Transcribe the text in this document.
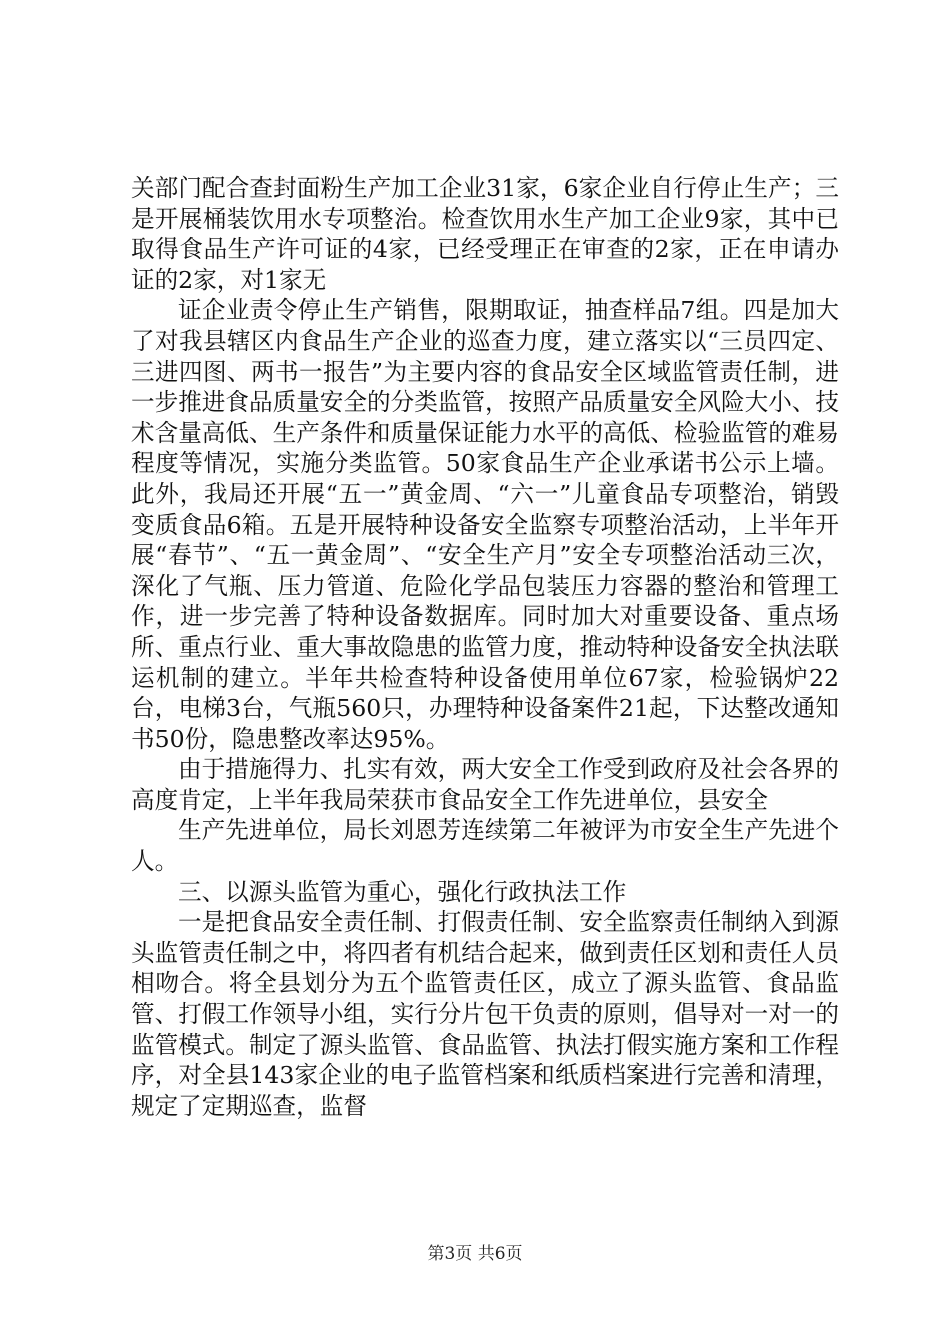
关部门配合查封面粉生产加工企业31家，6家企业自行停止生产；三是开展桶装饮用水专项整治。检查饮用水生产加工企业9家，其中已取得食品生产许可证的4家，已经受理正在审查的2家，正在申请办证的2家，对1家无

证企业责令停止生产销售，限期取证，抽查样品7组。四是加大了对我县辖区内食品生产企业的巡查力度，建立落实以“三员四定、三进四图、两书一报告”为主要内容的食品安全区域监管责任制，进一步推进食品质量安全的分类监管，按照产品质量安全风险大小、技术含量高低、生产条件和质量保证能力水平的高低、检验监管的难易程度等情况，实施分类监管。50家食品生产企业承诺书公示上墙。此外，我局还开展“五一”黄金周、“六一”儿童食品专项整治，销毁变质食品6箱。五是开展特种设备安全监察专项整治活动，上半年开展“春节”、“五一黄金周”、“安全生产月”安全专项整治活动三次，深化了气瓶、压力管道、危险化学品包装压力容器的整治和管理工作，进一步完善了特种设备数据库。同时加大对重要设备、重点场所、重点行业、重大事故隐患的监管力度，推动特种设备安全执法联运机制的建立。半年共检查特种设备使用单位67家，检验锅炉22台，电梯3台，气瓶560只，办理特种设备案件21起，下达整改通知书50份，隐患整改率达95%。

由于措施得力、扎实有效，两大安全工作受到政府及社会各界的高度肯定，上半年我局荣获市食品安全工作先进单位，县安全

生产先进单位，局长刘恩芳连续第二年被评为市安全生产先进个人。

三、以源头监管为重心，强化行政执法工作

一是把食品安全责任制、打假责任制、安全监察责任制纳入到源头监管责任制之中，将四者有机结合起来，做到责任区划和责任人员相吻合。将全县划分为五个监管责任区，成立了源头监管、食品监管、打假工作领导小组，实行分片包干负责的原则，倡导对一对一的监管模式。制定了源头监管、食品监管、执法打假实施方案和工作程序，对全县143家企业的电子监管档案和纸质档案进行完善和清理，规定了定期巡查，监督

第3页 共6页
